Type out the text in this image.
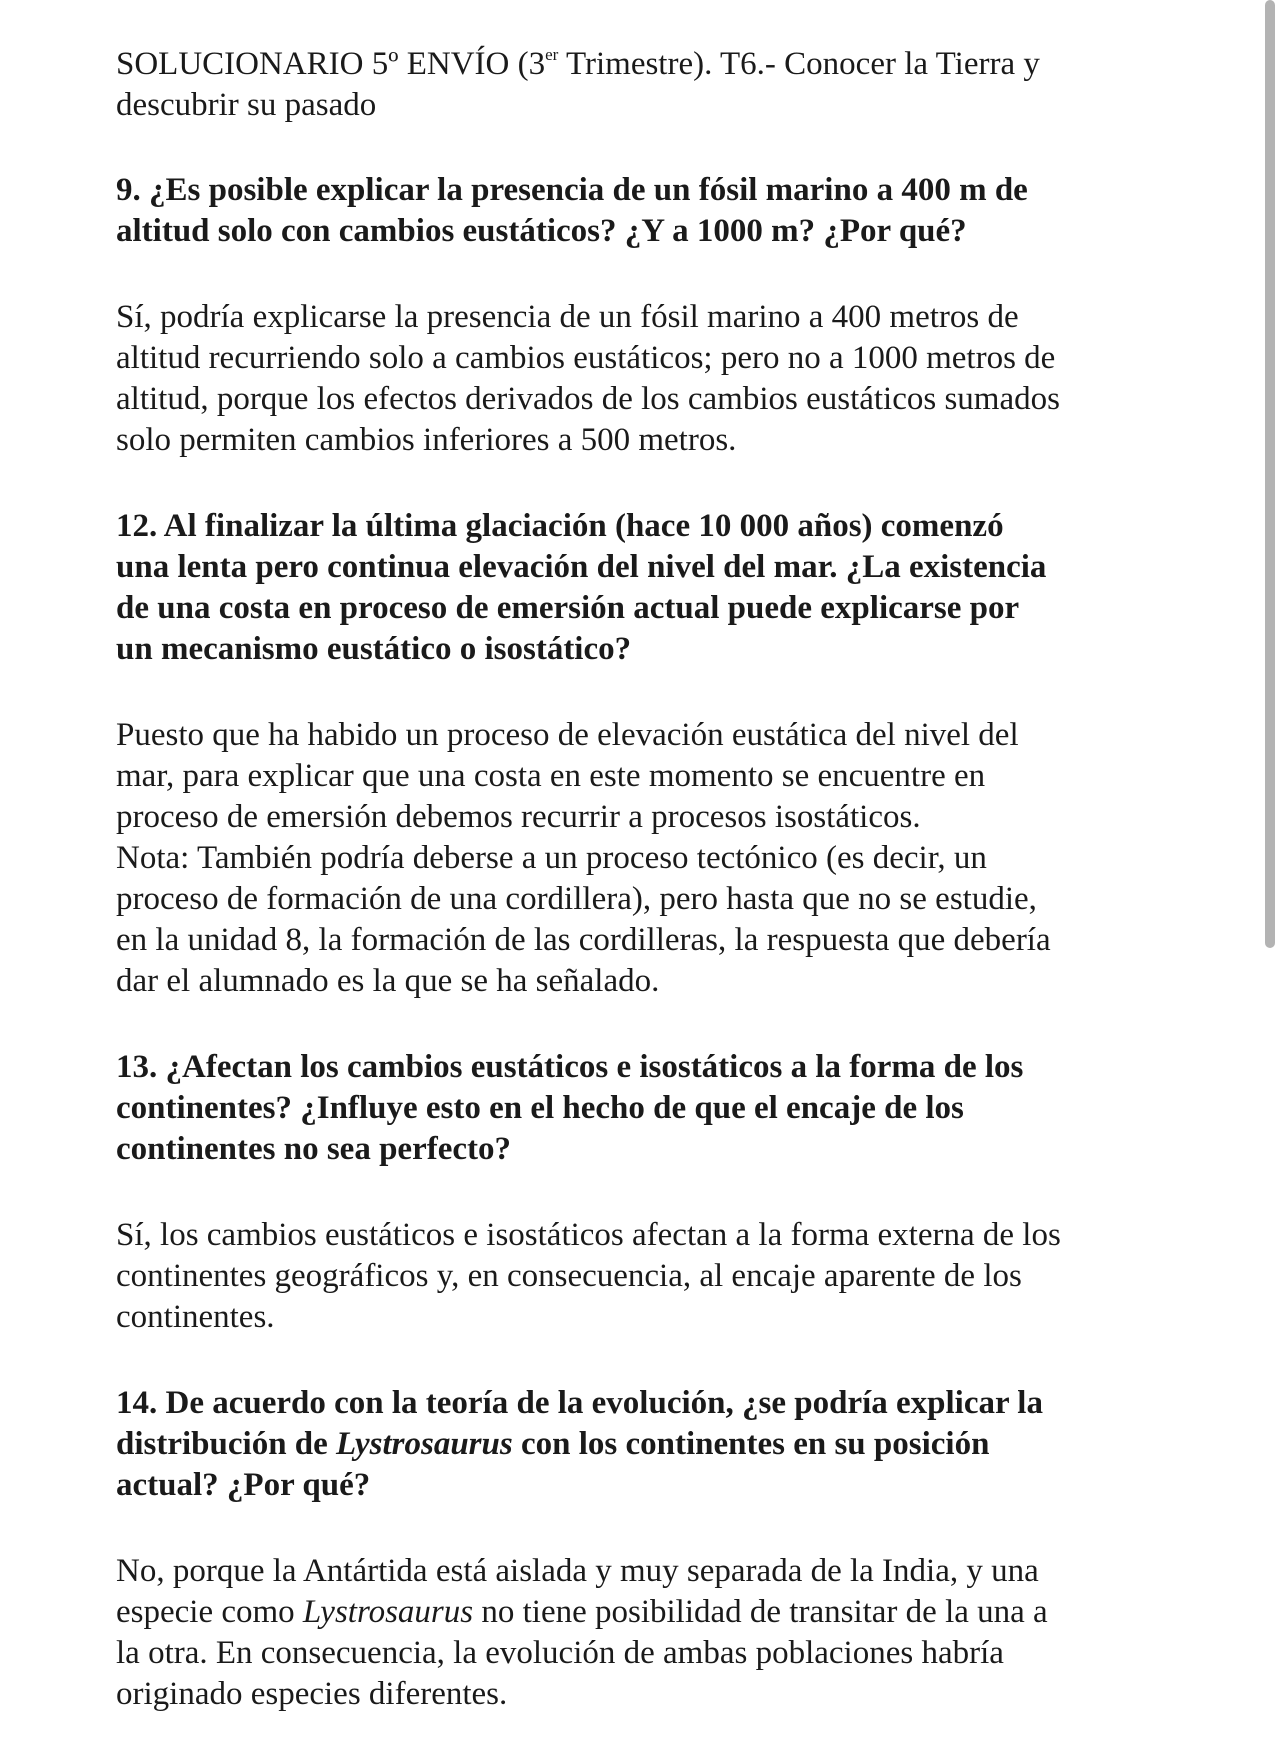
SOLUCIONARIO 5º ENVÍO (3er Trimestre). T6.- Conocer la Tierra y
descubrir su pasado

9. ¿Es posible explicar la presencia de un fósil marino a 400 m de
altitud solo con cambios eustáticos? ¿Y a 1000 m? ¿Por qué?

Sí, podría explicarse la presencia de un fósil marino a 400 metros de
altitud recurriendo solo a cambios eustáticos; pero no a 1000 metros de
altitud, porque los efectos derivados de los cambios eustáticos sumados
solo permiten cambios inferiores a 500 metros.

12. Al finalizar la última glaciación (hace 10 000 años) comenzó
una lenta pero continua elevación del nivel del mar. ¿La existencia
de una costa en proceso de emersión actual puede explicarse por
un mecanismo eustático o isostático?

Puesto que ha habido un proceso de elevación eustática del nivel del
mar, para explicar que una costa en este momento se encuentre en
proceso de emersión debemos recurrir a procesos isostáticos.
Nota: También podría deberse a un proceso tectónico (es decir, un
proceso de formación de una cordillera), pero hasta que no se estudie,
en la unidad 8, la formación de las cordilleras, la respuesta que debería
dar el alumnado es la que se ha señalado.

13. ¿Afectan los cambios eustáticos e isostáticos a la forma de los
continentes? ¿Influye esto en el hecho de que el encaje de los
continentes no sea perfecto?

Sí, los cambios eustáticos e isostáticos afectan a la forma externa de los
continentes geográficos y, en consecuencia, al encaje aparente de los
continentes.

14. De acuerdo con la teoría de la evolución, ¿se podría explicar la
distribución de Lystrosaurus con los continentes en su posición
actual? ¿Por qué?

No, porque la Antártida está aislada y muy separada de la India, y una
especie como Lystrosaurus no tiene posibilidad de transitar de la una a
la otra. En consecuencia, la evolución de ambas poblaciones habría
originado especies diferentes.
